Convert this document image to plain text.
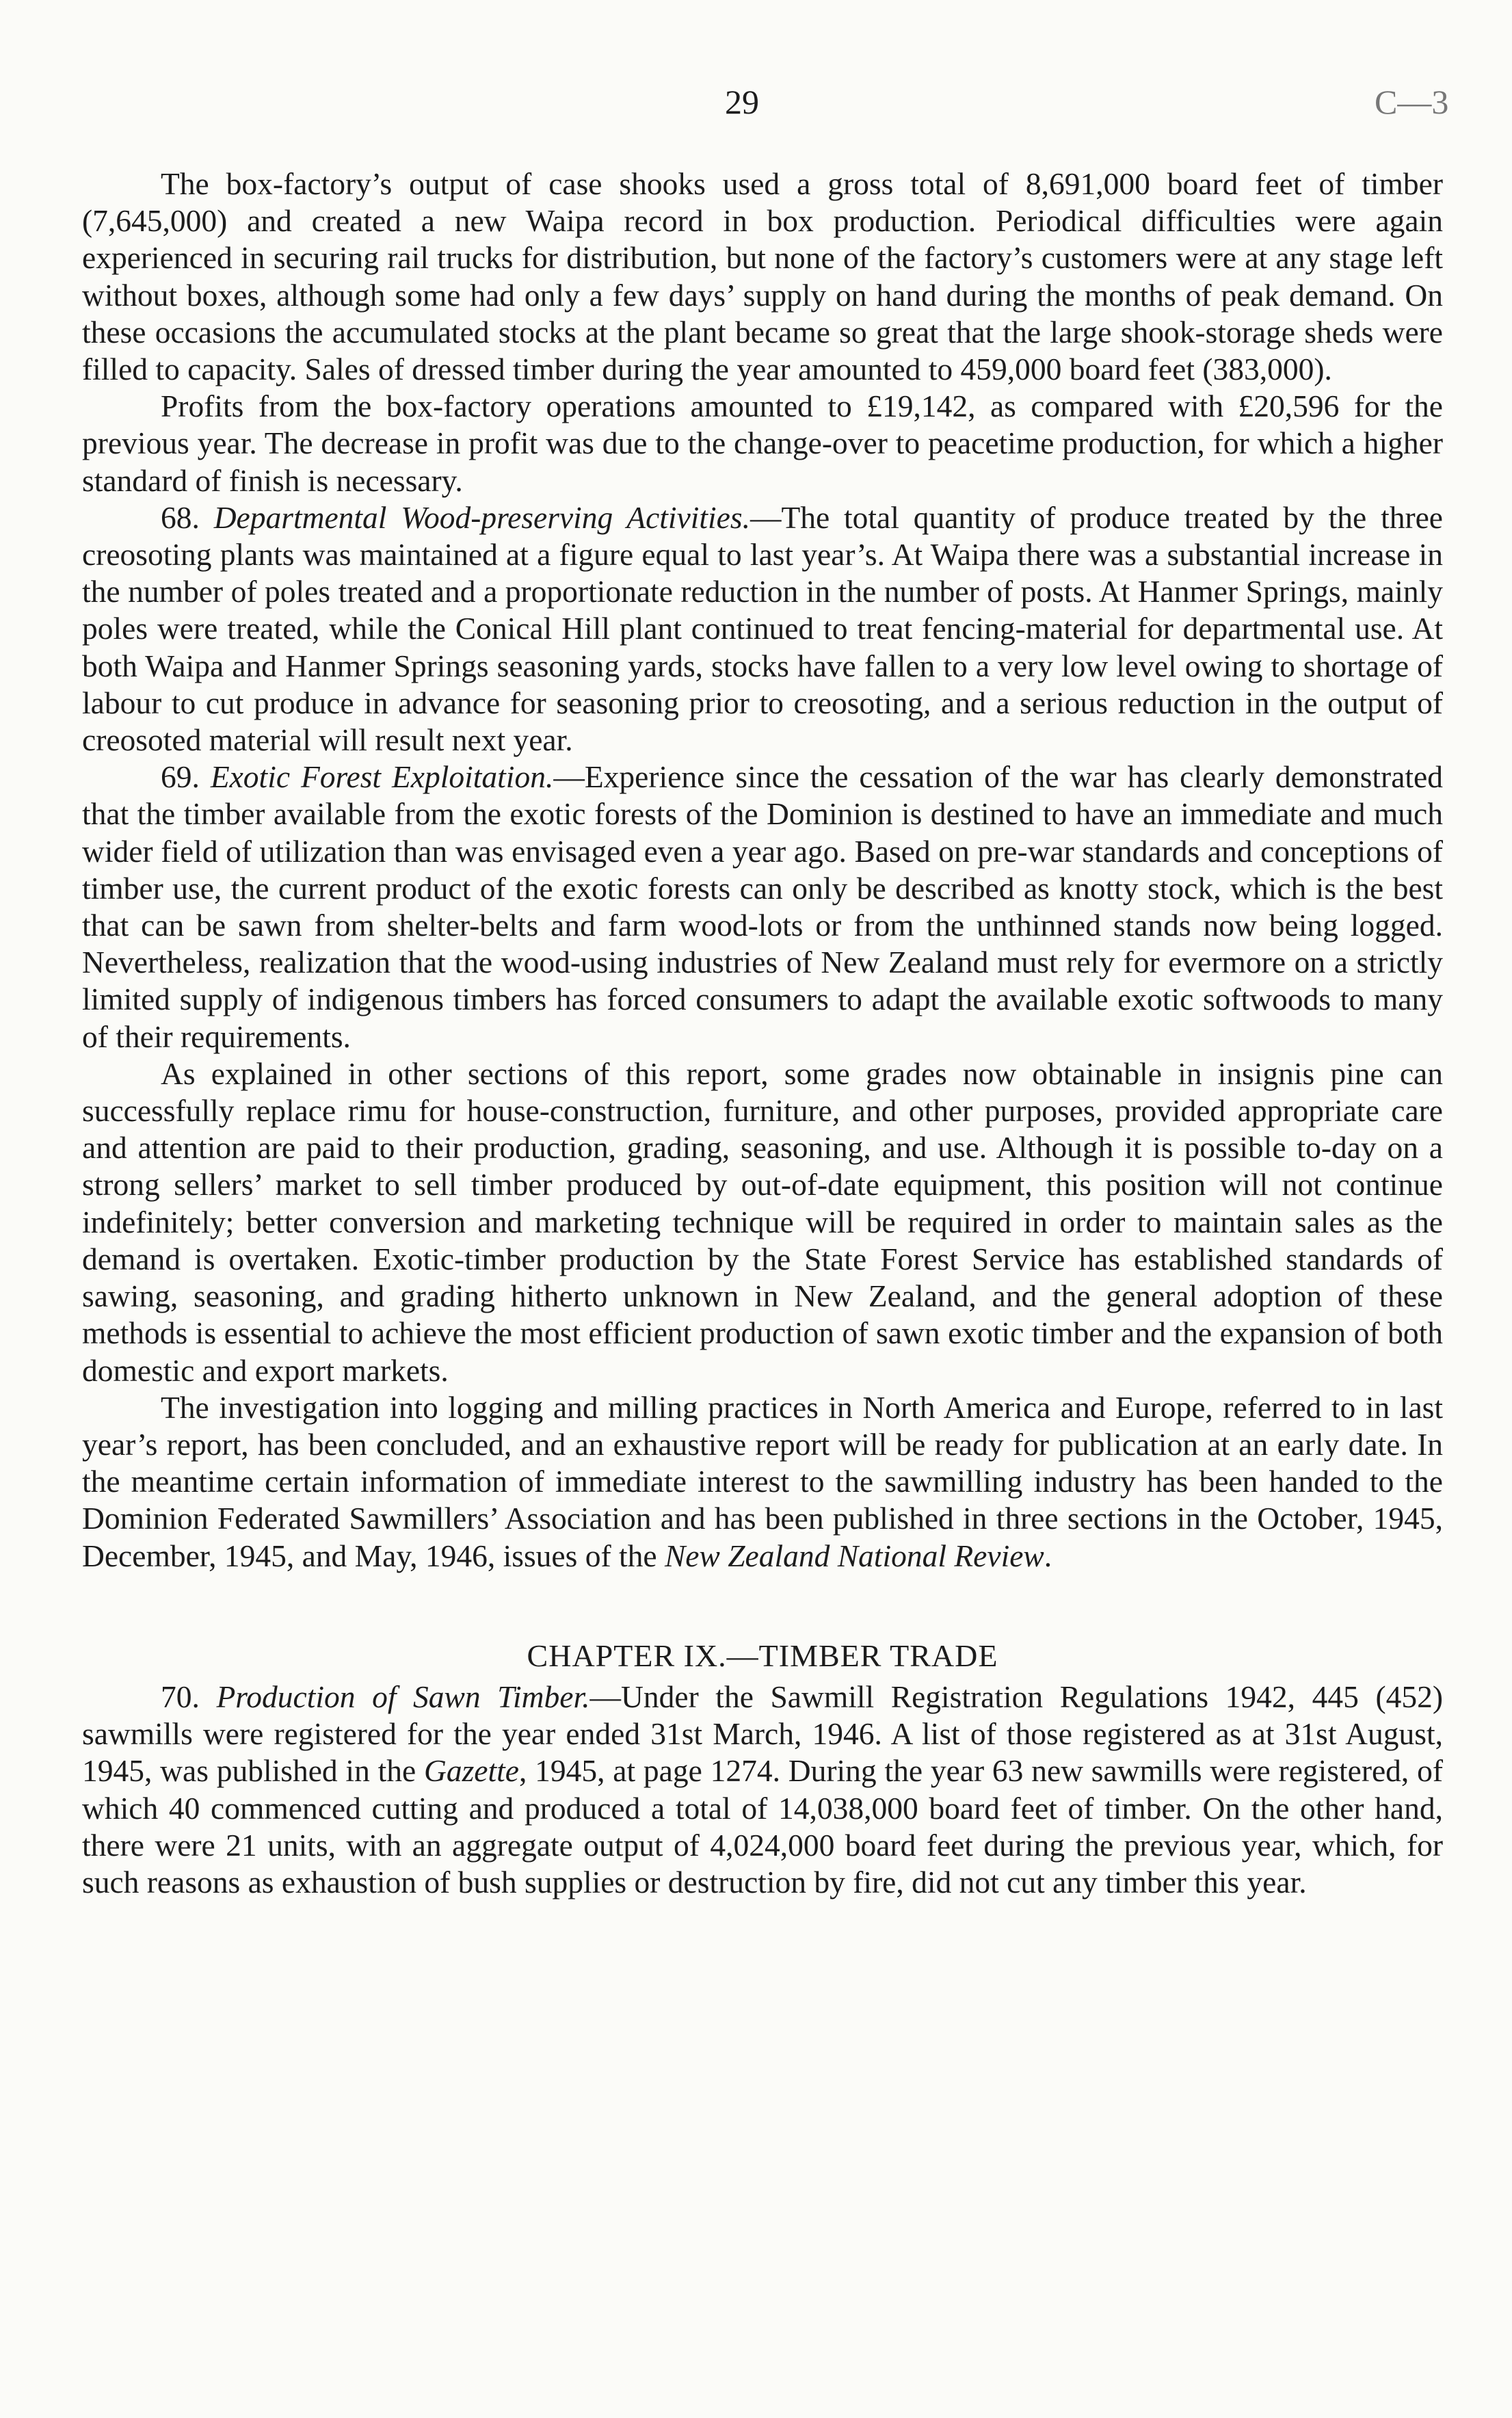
29	C—3

The box-factory’s output of case shooks used a gross total of 8,691,000 board feet of timber (7,645,000) and created a new Waipa record in box production. Periodical difficulties were again experienced in securing rail trucks for distribution, but none of the factory’s customers were at any stage left without boxes, although some had only a few days’ supply on hand during the months of peak demand. On these occasions the accumulated stocks at the plant became so great that the large shook-storage sheds were filled to capacity. Sales of dressed timber during the year amounted to 459,000 board feet (383,000).

Profits from the box-factory operations amounted to £19,142, as compared with £20,596 for the previous year. The decrease in profit was due to the change-over to peacetime production, for which a higher standard of finish is necessary.

68. Departmental Wood-preserving Activities.—The total quantity of produce treated by the three creosoting plants was maintained at a figure equal to last year’s. At Waipa there was a substantial increase in the number of poles treated and a proportionate reduction in the number of posts. At Hanmer Springs, mainly poles were treated, while the Conical Hill plant continued to treat fencing-material for departmental use. At both Waipa and Hanmer Springs seasoning yards, stocks have fallen to a very low level owing to shortage of labour to cut produce in advance for seasoning prior to creosoting, and a serious reduction in the output of creosoted material will result next year.

69. Exotic Forest Exploitation.—Experience since the cessation of the war has clearly demonstrated that the timber available from the exotic forests of the Dominion is destined to have an immediate and much wider field of utilization than was envisaged even a year ago. Based on pre-war standards and conceptions of timber use, the current product of the exotic forests can only be described as knotty stock, which is the best that can be sawn from shelter-belts and farm wood-lots or from the unthinned stands now being logged. Nevertheless, realization that the wood-using industries of New Zealand must rely for evermore on a strictly limited supply of indigenous timbers has forced consumers to adapt the available exotic softwoods to many of their requirements.

As explained in other sections of this report, some grades now obtainable in insignis pine can successfully replace rimu for house-construction, furniture, and other purposes, provided appropriate care and attention are paid to their production, grading, seasoning, and use. Although it is possible to-day on a strong sellers’ market to sell timber produced by out-of-date equipment, this position will not continue indefinitely; better conversion and marketing technique will be required in order to maintain sales as the demand is overtaken. Exotic-timber production by the State Forest Service has established standards of sawing, seasoning, and grading hitherto unknown in New Zealand, and the general adoption of these methods is essential to achieve the most efficient production of sawn exotic timber and the expansion of both domestic and export markets.

The investigation into logging and milling practices in North America and Europe, referred to in last year’s report, has been concluded, and an exhaustive report will be ready for publication at an early date. In the meantime certain information of immediate interest to the sawmilling industry has been handed to the Dominion Federated Sawmillers’ Association and has been published in three sections in the October, 1945, December, 1945, and May, 1946, issues of the New Zealand National Review.

CHAPTER IX.—TIMBER TRADE

70. Production of Sawn Timber.—Under the Sawmill Registration Regulations 1942, 445 (452) sawmills were registered for the year ended 31st March, 1946. A list of those registered as at 31st August, 1945, was published in the Gazette, 1945, at page 1274. During the year 63 new sawmills were registered, of which 40 commenced cutting and produced a total of 14,038,000 board feet of timber. On the other hand, there were 21 units, with an aggregate output of 4,024,000 board feet during the previous year, which, for such reasons as exhaustion of bush supplies or destruction by fire, did not cut any timber this year.
